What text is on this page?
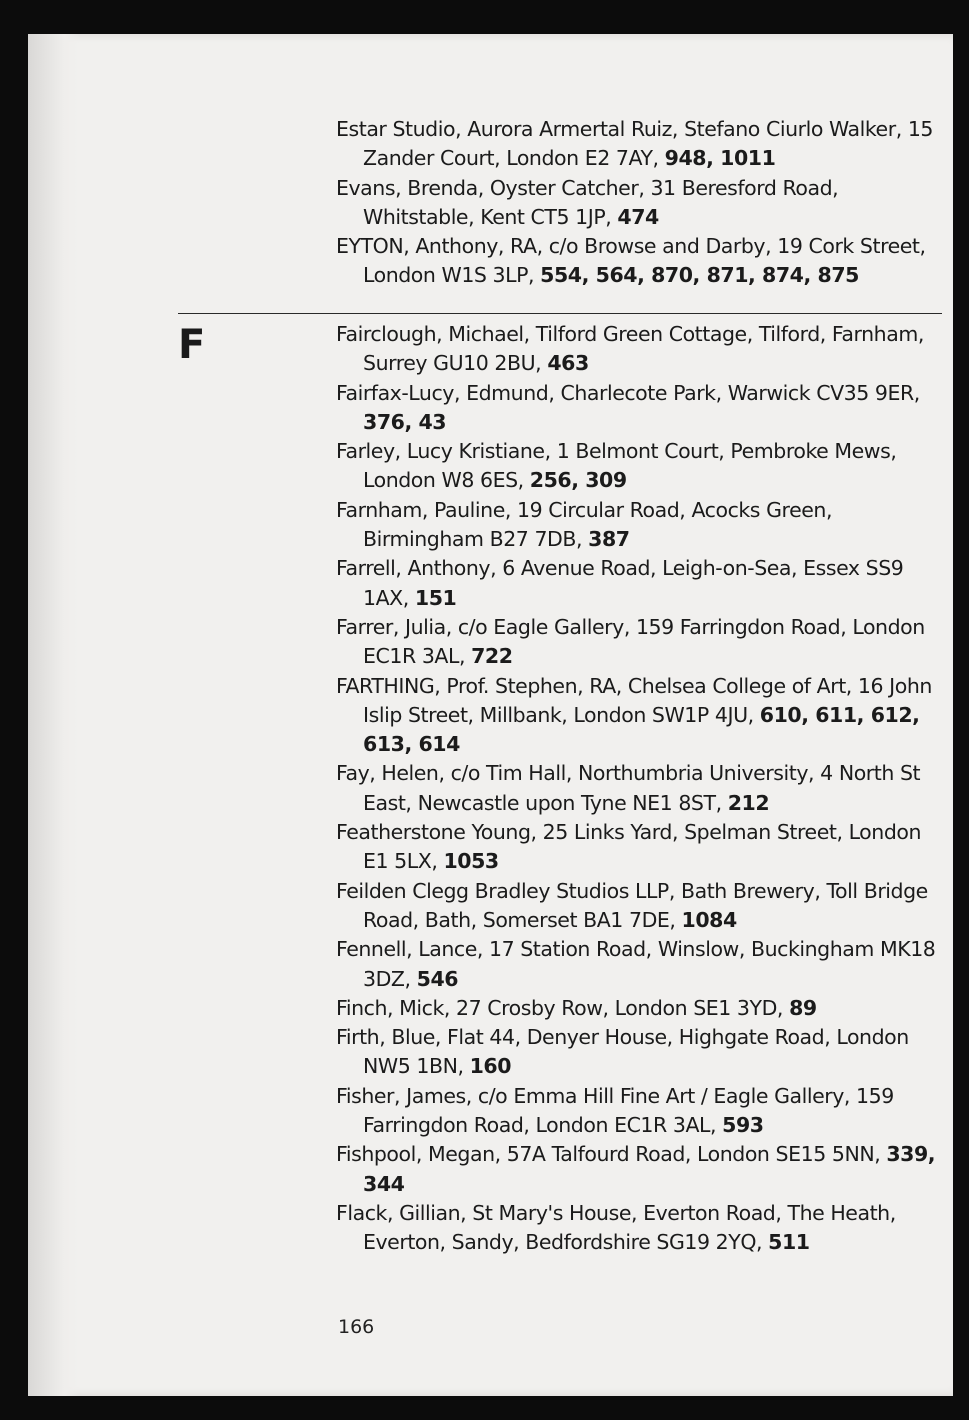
Estar Studio, Aurora Armertal Ruiz, Stefano Ciurlo Walker, 15 Zander Court, London E2 7AY, 948, 1011

Evans, Brenda, Oyster Catcher, 31 Beresford Road, Whitstable, Kent CT5 1JP, 474

EYTON, Anthony, RA, c/o Browse and Darby, 19 Cork Street, London W1S 3LP, 554, 564, 870, 871, 874, 875

F	Fairclough, Michael, Tilford Green Cottage, Tilford, Farnham, Surrey GU10 2BU, 463

Fairfax-Lucy, Edmund, Charlecote Park, Warwick CV35 9ER, 376, 43

Farley, Lucy Kristiane, 1 Belmont Court, Pembroke Mews, London W8 6ES, 256, 309

Farnham, Pauline, 19 Circular Road, Acocks Green, Birmingham B27 7DB, 387

Farrell, Anthony, 6 Avenue Road, Leigh-on-Sea, Essex SS9 1AX, 151

Farrer, Julia, c/o Eagle Gallery, 159 Farringdon Road, London EC1R 3AL, 722

FARTHING, Prof. Stephen, RA, Chelsea College of Art, 16 John Islip Street, Millbank, London SW1P 4JU, 610, 611, 612, 613, 614

Fay, Helen, c/o Tim Hall, Northumbria University, 4 North St East, Newcastle upon Tyne NE1 8ST, 212

Featherstone Young, 25 Links Yard, Spelman Street, London E1 5LX, 1053

Feilden Clegg Bradley Studios LLP, Bath Brewery, Toll Bridge Road, Bath, Somerset BA1 7DE, 1084

Fennell, Lance, 17 Station Road, Winslow, Buckingham MK18 3DZ, 546

Finch, Mick, 27 Crosby Row, London SE1 3YD, 89

Firth, Blue, Flat 44, Denyer House, Highgate Road, London NW5 1BN, 160

Fisher, James, c/o Emma Hill Fine Art / Eagle Gallery, 159 Farringdon Road, London EC1R 3AL, 593

Fishpool, Megan, 57A Talfourd Road, London SE15 5NN, 339, 344

Flack, Gillian, St Mary's House, Everton Road, The Heath, Everton, Sandy, Bedfordshire SG19 2YQ, 511

166
